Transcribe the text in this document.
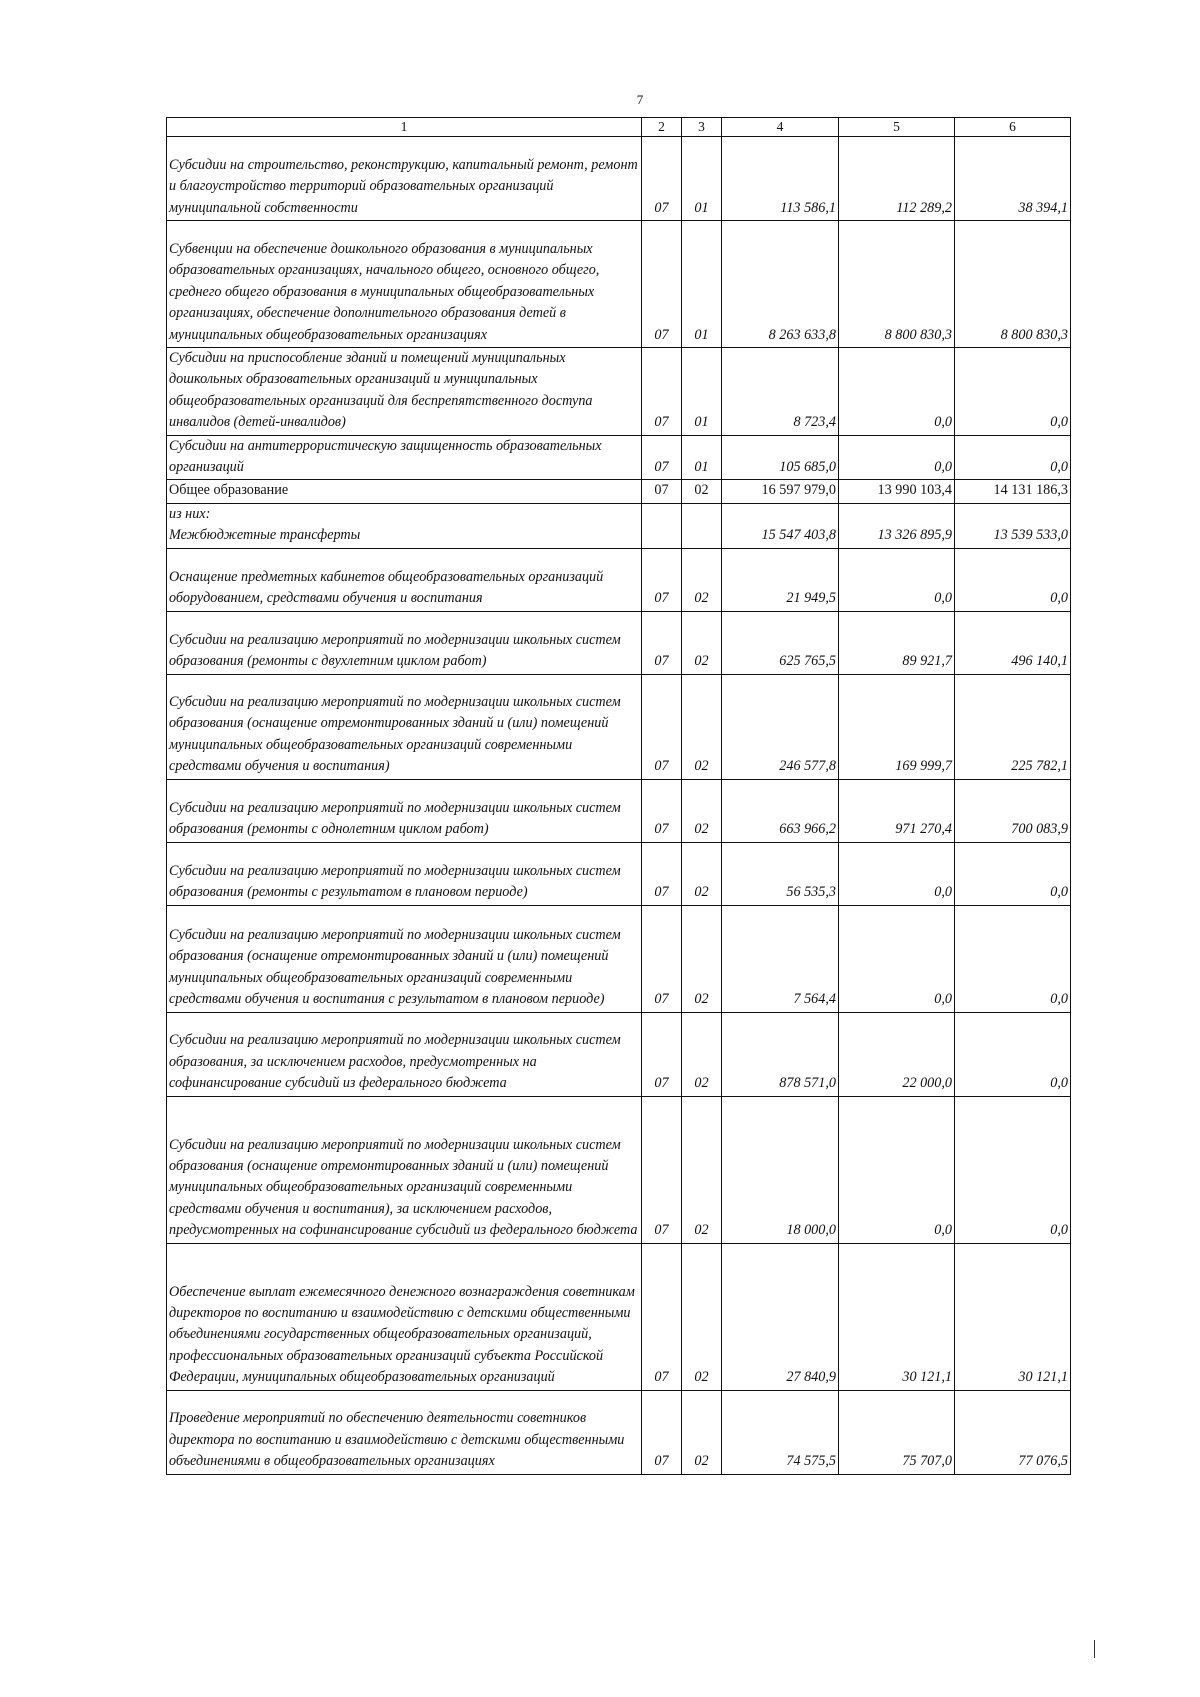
7
1	2	3	4	5	6
Субсидии на строительство, реконструкцию, капитальный ремонт, ремонт и благоустройство территорий образовательных организаций муниципальной собственности	07	01	113 586,1	112 289,2	38 394,1
Субвенции на обеспечение дошкольного образования в муниципальных образовательных организациях, начального общего, основного общего, среднего общего образования в муниципальных общеобразовательных организациях, обеспечение дополнительного образования детей в муниципальных общеобразовательных организациях	07	01	8 263 633,8	8 800 830,3	8 800 830,3
Субсидии на приспособление зданий и помещений муниципальных дошкольных образовательных организаций и муниципальных общеобразовательных организаций для беспрепятственного доступа инвалидов (детей-инвалидов)	07	01	8 723,4	0,0	0,0
Субсидии на антитеррористическую защищенность образовательных организаций	07	01	105 685,0	0,0	0,0
Общее образование	07	02	16 597 979,0	13 990 103,4	14 131 186,3
из них:
Межбюджетные трансферты			15 547 403,8	13 326 895,9	13 539 533,0
Оснащение предметных кабинетов общеобразовательных организаций оборудованием, средствами обучения и воспитания	07	02	21 949,5	0,0	0,0
Субсидии на реализацию мероприятий по модернизации школьных систем образования (ремонты с двухлетним циклом работ)	07	02	625 765,5	89 921,7	496 140,1
Субсидии на реализацию мероприятий по модернизации школьных систем образования (оснащение отремонтированных зданий и (или) помещений муниципальных общеобразовательных организаций современными средствами обучения и воспитания)	07	02	246 577,8	169 999,7	225 782,1
Субсидии на реализацию мероприятий по модернизации школьных систем образования (ремонты с однолетним циклом работ)	07	02	663 966,2	971 270,4	700 083,9
Субсидии на реализацию мероприятий по модернизации школьных систем образования (ремонты с результатом в плановом периоде)	07	02	56 535,3	0,0	0,0
Субсидии на реализацию мероприятий по модернизации школьных систем образования (оснащение отремонтированных зданий и (или) помещений муниципальных общеобразовательных организаций современными средствами обучения и воспитания с результатом в плановом периоде)	07	02	7 564,4	0,0	0,0
Субсидии на реализацию мероприятий по модернизации школьных систем образования, за исключением расходов, предусмотренных на софинансирование субсидий из федерального бюджета	07	02	878 571,0	22 000,0	0,0
Субсидии на реализацию мероприятий по модернизации школьных систем образования (оснащение отремонтированных зданий и (или) помещений муниципальных общеобразовательных организаций современными средствами обучения и воспитания), за исключением расходов, предусмотренных на софинансирование субсидий из федерального бюджета	07	02	18 000,0	0,0	0,0
Обеспечение выплат ежемесячного денежного вознаграждения советникам директоров по воспитанию и взаимодействию с детскими общественными объединениями государственных общеобразовательных организаций, профессиональных образовательных организаций субъекта Российской Федерации, муниципальных общеобразовательных организаций	07	02	27 840,9	30 121,1	30 121,1
Проведение мероприятий по обеспечению деятельности советников директора по воспитанию и взаимодействию с детскими общественными объединениями в общеобразовательных организациях	07	02	74 575,5	75 707,0	77 076,5
